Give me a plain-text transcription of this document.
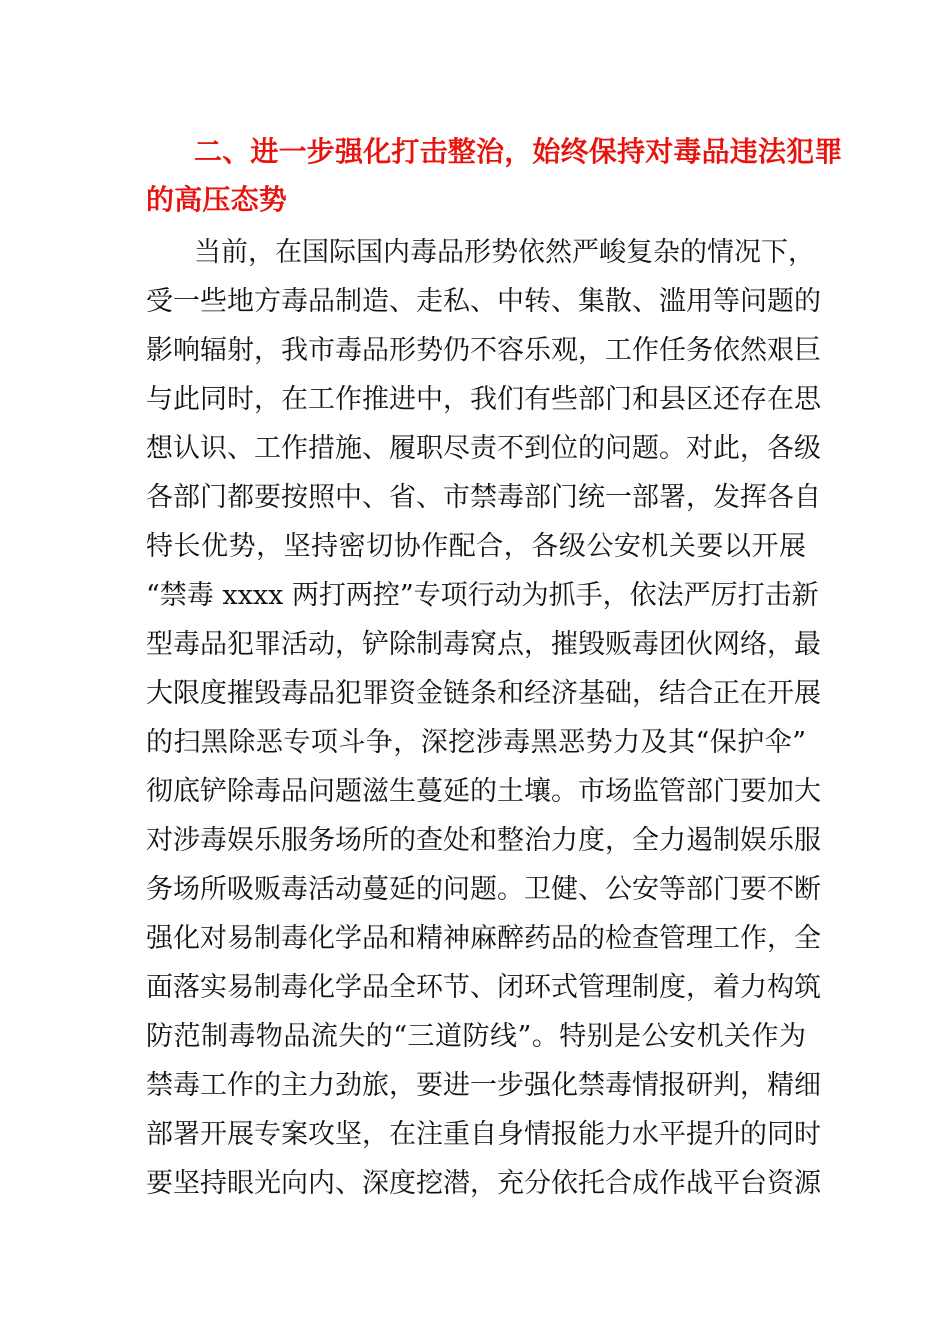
二、进一步强化打击整治，始终保持对毒品违法犯罪
的高压态势
当前，在国际国内毒品形势依然严峻复杂的情况下，
受一些地方毒品制造、走私、中转、集散、滥用等问题的
影响辐射，我市毒品形势仍不容乐观，工作任务依然艰巨
与此同时，在工作推进中，我们有些部门和县区还存在思
想认识、工作措施、履职尽责不到位的问题。对此，各级
各部门都要按照中、省、市禁毒部门统一部署，发挥各自
特长优势，坚持密切协作配合，各级公安机关要以开展
“禁毒 xxxx 两打两控”专项行动为抓手，依法严厉打击新
型毒品犯罪活动，铲除制毒窝点，摧毁贩毒团伙网络，最
大限度摧毁毒品犯罪资金链条和经济基础，结合正在开展
的扫黑除恶专项斗争，深挖涉毒黑恶势力及其“保护伞”
彻底铲除毒品问题滋生蔓延的土壤。市场监管部门要加大
对涉毒娱乐服务场所的查处和整治力度，全力遏制娱乐服
务场所吸贩毒活动蔓延的问题。卫健、公安等部门要不断
强化对易制毒化学品和精神麻醉药品的检查管理工作，全
面落实易制毒化学品全环节、闭环式管理制度，着力构筑
防范制毒物品流失的“三道防线”。特别是公安机关作为
禁毒工作的主力劲旅，要进一步强化禁毒情报研判，精细
部署开展专案攻坚，在注重自身情报能力水平提升的同时
要坚持眼光向内、深度挖潜，充分依托合成作战平台资源
